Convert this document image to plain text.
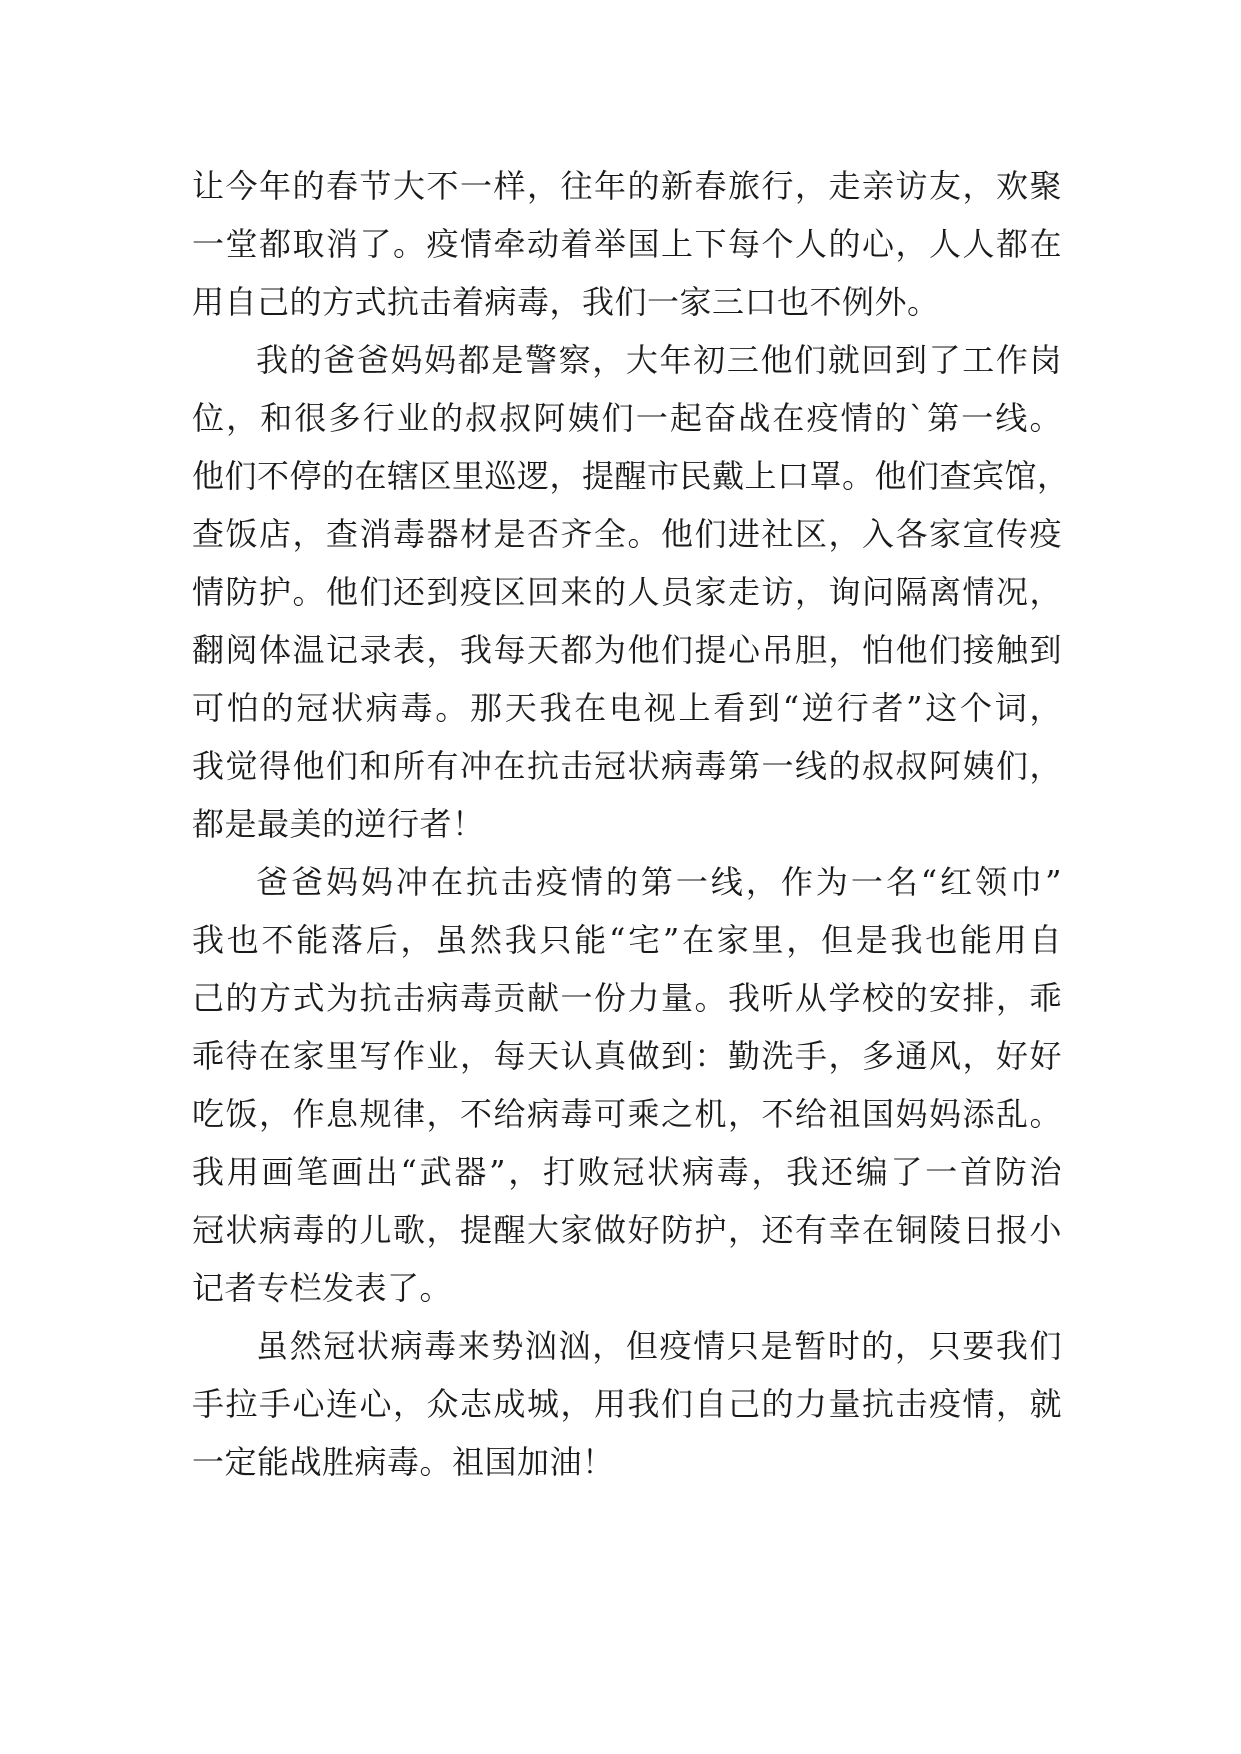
让今年的春节大不一样，往年的新春旅行，走亲访友，欢聚
一堂都取消了。疫情牵动着举国上下每个人的心，人人都在
用自己的方式抗击着病毒，我们一家三口也不例外。
我的爸爸妈妈都是警察，大年初三他们就回到了工作岗
位，和很多行业的叔叔阿姨们一起奋战在疫情的`第一线。
他们不停的在辖区里巡逻，提醒市民戴上口罩。他们查宾馆，
查饭店，查消毒器材是否齐全。他们进社区，入各家宣传疫
情防护。他们还到疫区回来的人员家走访，询问隔离情况，
翻阅体温记录表，我每天都为他们提心吊胆，怕他们接触到
可怕的冠状病毒。那天我在电视上看到“逆行者”这个词，
我觉得他们和所有冲在抗击冠状病毒第一线的叔叔阿姨们，
都是最美的逆行者！
爸爸妈妈冲在抗击疫情的第一线，作为一名“红领巾”
我也不能落后，虽然我只能“宅”在家里，但是我也能用自
己的方式为抗击病毒贡献一份力量。我听从学校的安排，乖
乖待在家里写作业，每天认真做到：勤洗手，多通风，好好
吃饭，作息规律，不给病毒可乘之机，不给祖国妈妈添乱。
我用画笔画出“武器”，打败冠状病毒，我还编了一首防治
冠状病毒的儿歌，提醒大家做好防护，还有幸在铜陵日报小
记者专栏发表了。
虽然冠状病毒来势汹汹，但疫情只是暂时的，只要我们
手拉手心连心，众志成城，用我们自己的力量抗击疫情，就
一定能战胜病毒。祖国加油！
